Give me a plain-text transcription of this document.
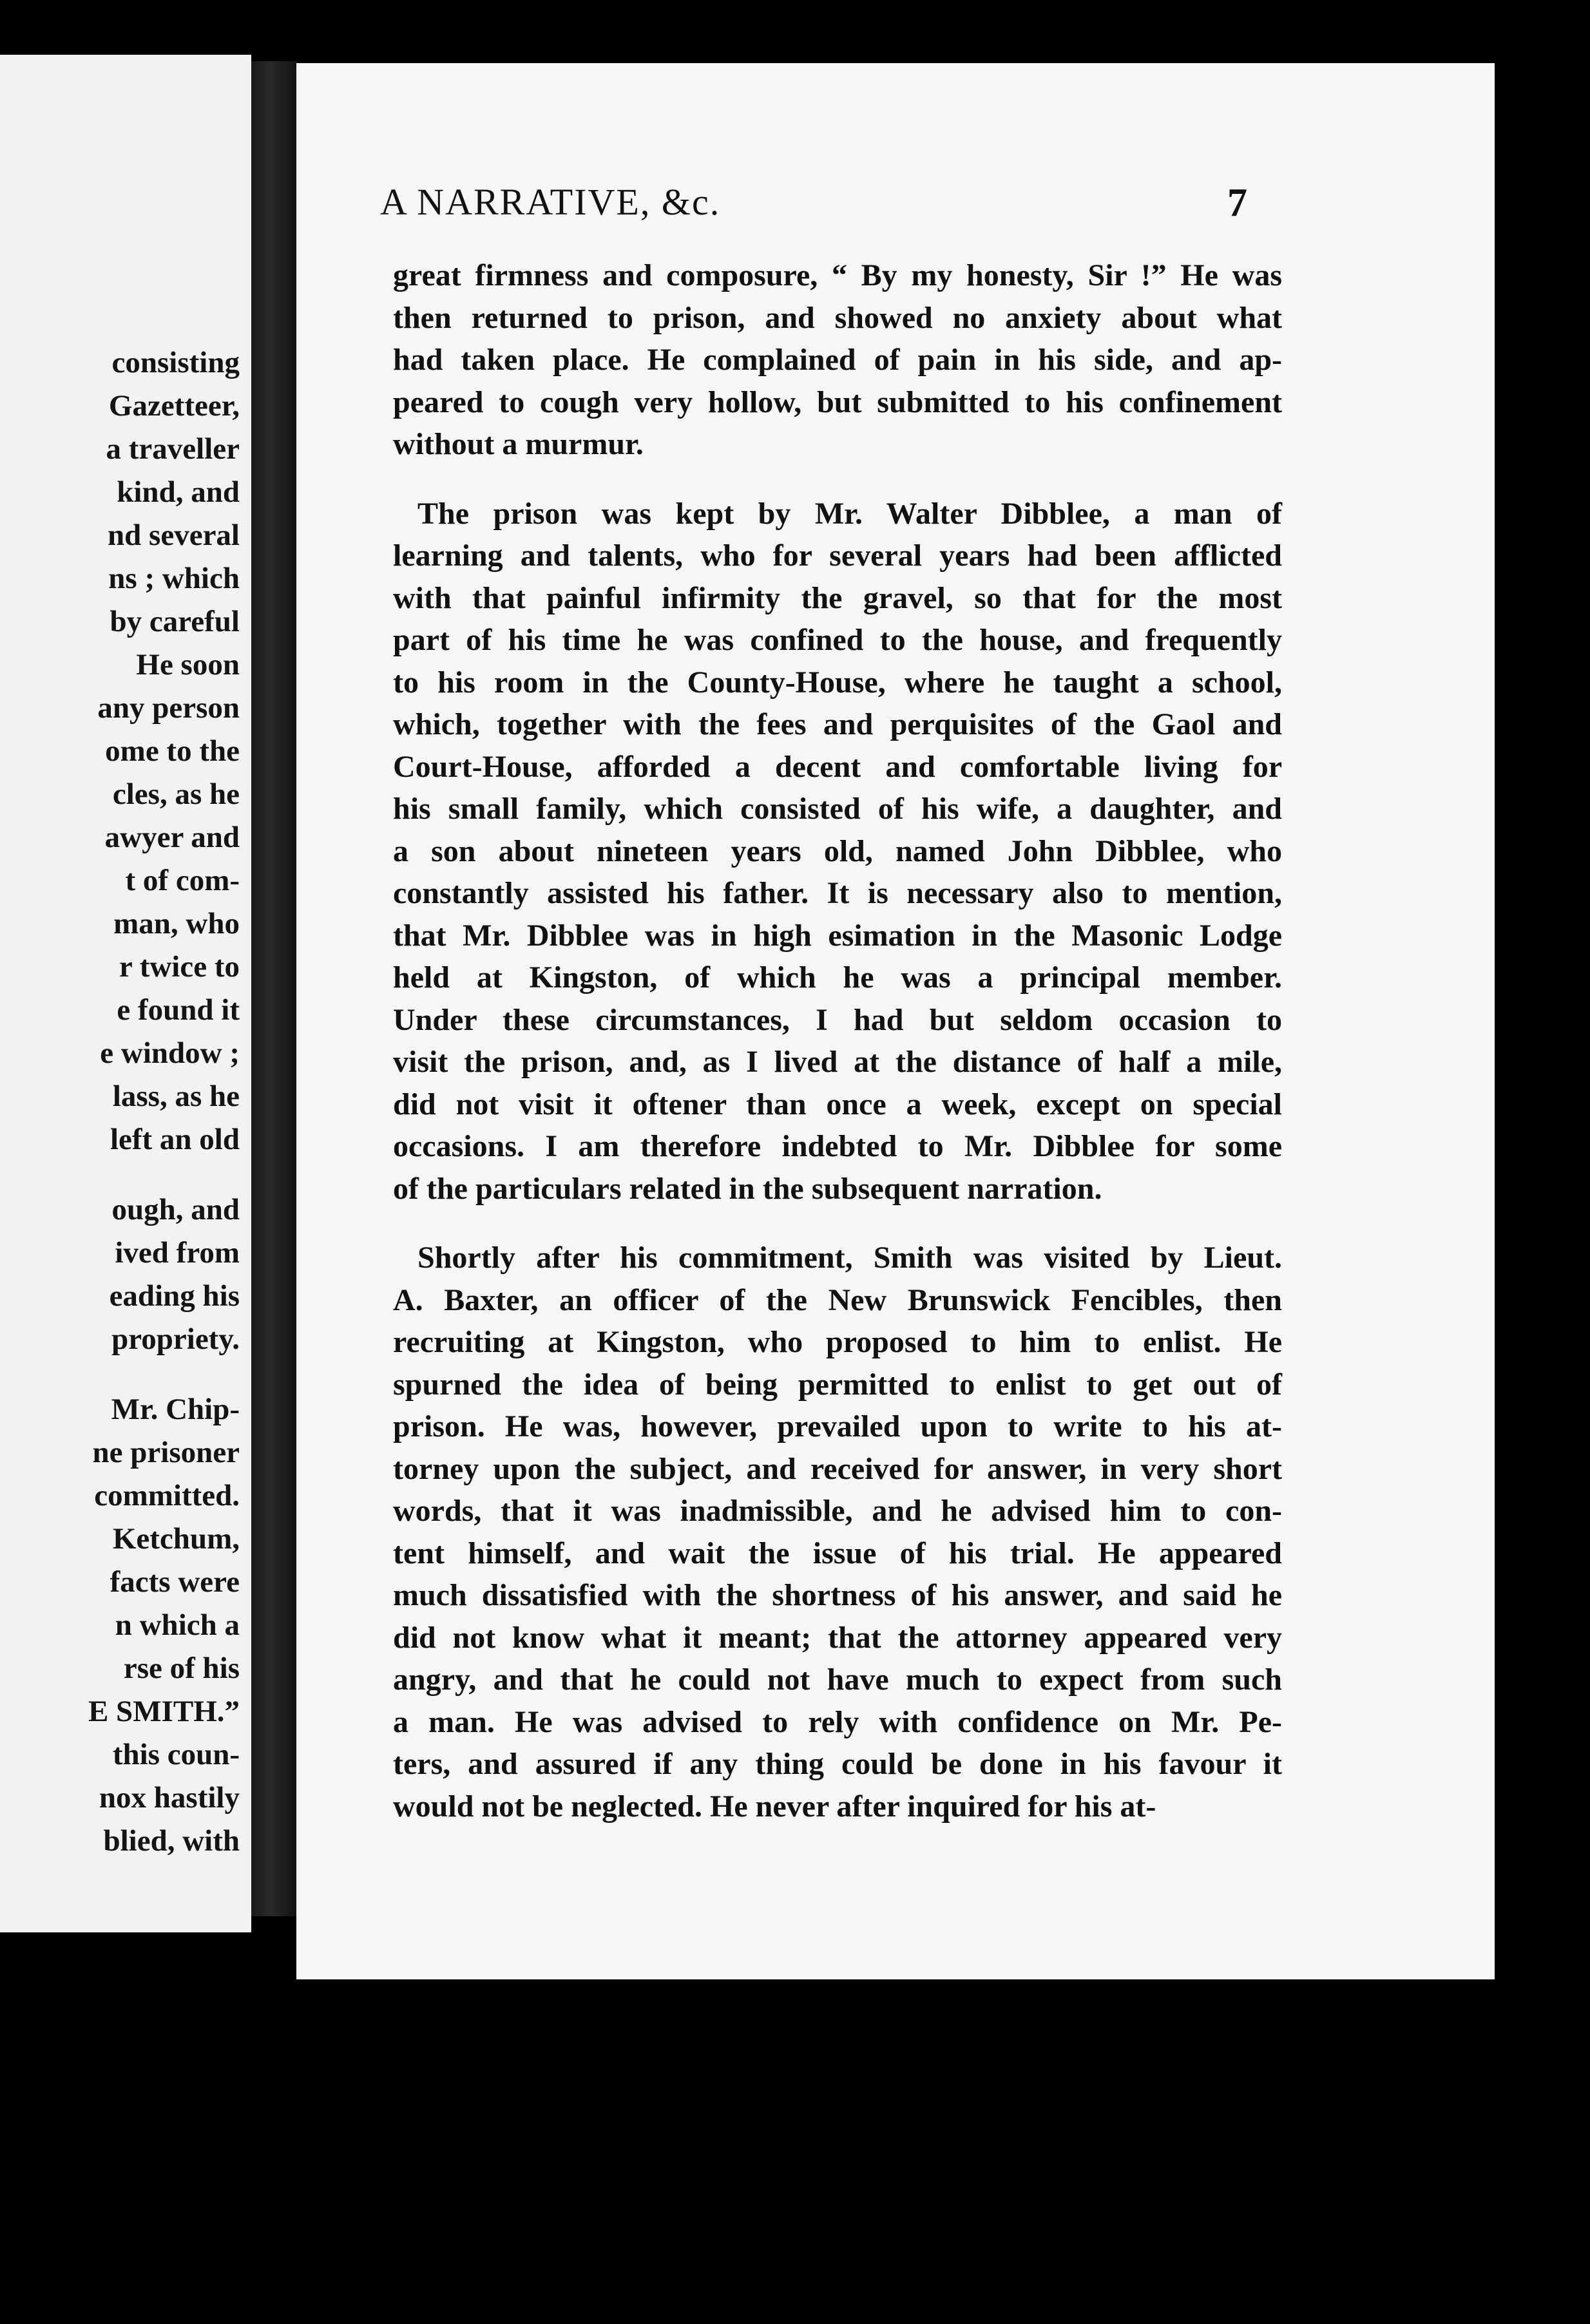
consisting
Gazetteer,
a traveller
kind, and
nd several
ns ; which
by careful
He soon
any person
ome to the
cles, as he
awyer and
t of com-
man, who
r twice to
e found it
e window ;
lass, as he
left an old

ough, and
ived from
eading his
propriety.

Mr. Chip-
ne prisoner
committed.
Ketchum,
facts were
n which a
rse of his
E SMITH.”
this coun-
nox hastily
blied, with
A NARRATIVE, &c.	7
great firmness and composure, “ By my honesty, Sir !” He was
then returned to prison, and showed no anxiety about what
had taken place. He complained of pain in his side, and ap-
peared to cough very hollow, but submitted to his confinement
without a murmur.
The prison was kept by Mr. Walter Dibblee, a man of
learning and talents, who for several years had been afflicted
with that painful infirmity the gravel, so that for the most
part of his time he was confined to the house, and frequently
to his room in the County-House, where he taught a school,
which, together with the fees and perquisites of the Gaol and
Court-House, afforded a decent and comfortable living for
his small family, which consisted of his wife, a daughter, and
a son about nineteen years old, named John Dibblee, who
constantly assisted his father. It is necessary also to mention,
that Mr. Dibblee was in high esimation in the Masonic Lodge
held at Kingston, of which he was a principal member.
Under these circumstances, I had but seldom occasion to
visit the prison, and, as I lived at the distance of half a mile,
did not visit it oftener than once a week, except on special
occasions. I am therefore indebted to Mr. Dibblee for some
of the particulars related in the subsequent narration.
Shortly after his commitment, Smith was visited by Lieut.
A. Baxter, an officer of the New Brunswick Fencibles, then
recruiting at Kingston, who proposed to him to enlist. He
spurned the idea of being permitted to enlist to get out of
prison. He was, however, prevailed upon to write to his at-
torney upon the subject, and received for answer, in very short
words, that it was inadmissible, and he advised him to con-
tent himself, and wait the issue of his trial. He appeared
much dissatisfied with the shortness of his answer, and said he
did not know what it meant; that the attorney appeared very
angry, and that he could not have much to expect from such
a man. He was advised to rely with confidence on Mr. Pe-
ters, and assured if any thing could be done in his favour it
would not be neglected. He never after inquired for his at-
